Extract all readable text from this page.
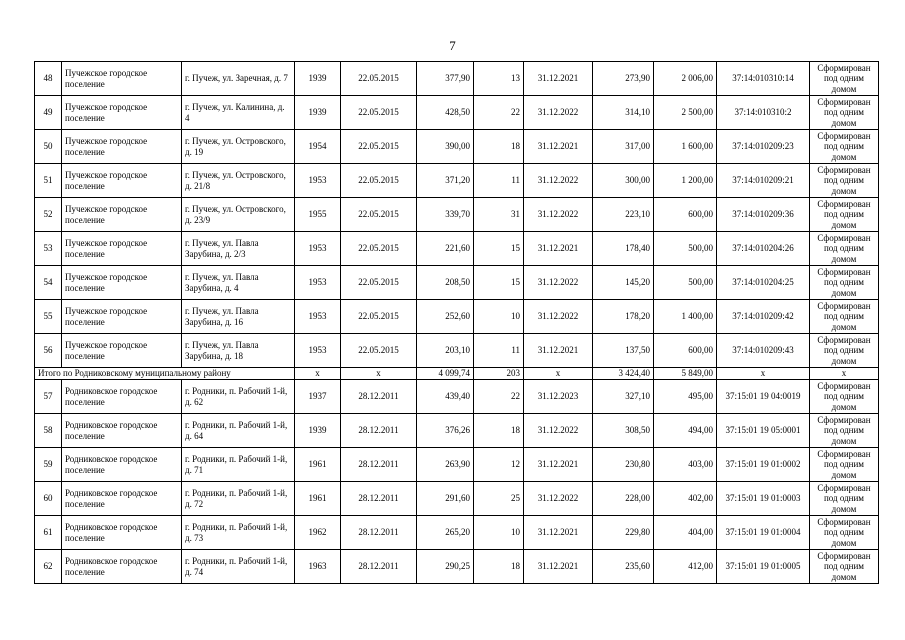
7
48	Пучежское городское поселение	г. Пучеж, ул. Заречная, д. 7	1939	22.05.2015	377,90	13	31.12.2021	273,90	2 006,00	37:14:010310:14	Сформирован под одним домом
49	Пучежское городское поселение	г. Пучеж, ул. Калинина, д. 4	1939	22.05.2015	428,50	22	31.12.2022	314,10	2 500,00	37:14:010310:2	Сформирован под одним домом
50	Пучежское городское поселение	г. Пучеж, ул. Островского, д. 19	1954	22.05.2015	390,00	18	31.12.2021	317,00	1 600,00	37:14:010209:23	Сформирован под одним домом
51	Пучежское городское поселение	г. Пучеж, ул. Островского, д. 21/8	1953	22.05.2015	371,20	11	31.12.2022	300,00	1 200,00	37:14:010209:21	Сформирован под одним домом
52	Пучежское городское поселение	г. Пучеж, ул. Островского, д. 23/9	1955	22.05.2015	339,70	31	31.12.2022	223,10	600,00	37:14:010209:36	Сформирован под одним домом
53	Пучежское городское поселение	г. Пучеж, ул. Павла Зарубина, д. 2/3	1953	22.05.2015	221,60	15	31.12.2021	178,40	500,00	37:14:010204:26	Сформирован под одним домом
54	Пучежское городское поселение	г. Пучеж, ул. Павла Зарубина, д. 4	1953	22.05.2015	208,50	15	31.12.2022	145,20	500,00	37:14:010204:25	Сформирован под одним домом
55	Пучежское городское поселение	г. Пучеж, ул. Павла Зарубина, д. 16	1953	22.05.2015	252,60	10	31.12.2022	178,20	1 400,00	37:14:010209:42	Сформирован под одним домом
56	Пучежское городское поселение	г. Пучеж, ул. Павла Зарубина, д. 18	1953	22.05.2015	203,10	11	31.12.2021	137,50	600,00	37:14:010209:43	Сформирован под одним домом
Итого по Родниковскому муниципальному району			х	х	4 099,74	203	х	3 424,40	5 849,00	х	х
57	Родниковское городское поселение	г. Родники, п. Рабочий 1-й, д. 62	1937	28.12.2011	439,40	22	31.12.2023	327,10	495,00	37:15:01 19 04:0019	Сформирован под одним домом
58	Родниковское городское поселение	г. Родники, п. Рабочий 1-й, д. 64	1939	28.12.2011	376,26	18	31.12.2022	308,50	494,00	37:15:01 19 05:0001	Сформирован под одним домом
59	Родниковское городское поселение	г. Родники, п. Рабочий 1-й, д. 71	1961	28.12.2011	263,90	12	31.12.2021	230,80	403,00	37:15:01 19 01:0002	Сформирован под одним домом
60	Родниковское городское поселение	г. Родники, п. Рабочий 1-й, д. 72	1961	28.12.2011	291,60	25	31.12.2022	228,00	402,00	37:15:01 19 01:0003	Сформирован под одним домом
61	Родниковское городское поселение	г. Родники, п. Рабочий 1-й, д. 73	1962	28.12.2011	265,20	10	31.12.2021	229,80	404,00	37:15:01 19 01:0004	Сформирован под одним домом
62	Родниковское городское поселение	г. Родники, п. Рабочий 1-й, д. 74	1963	28.12.2011	290,25	18	31.12.2021	235,60	412,00	37:15:01 19 01:0005	Сформирован под одним домом
